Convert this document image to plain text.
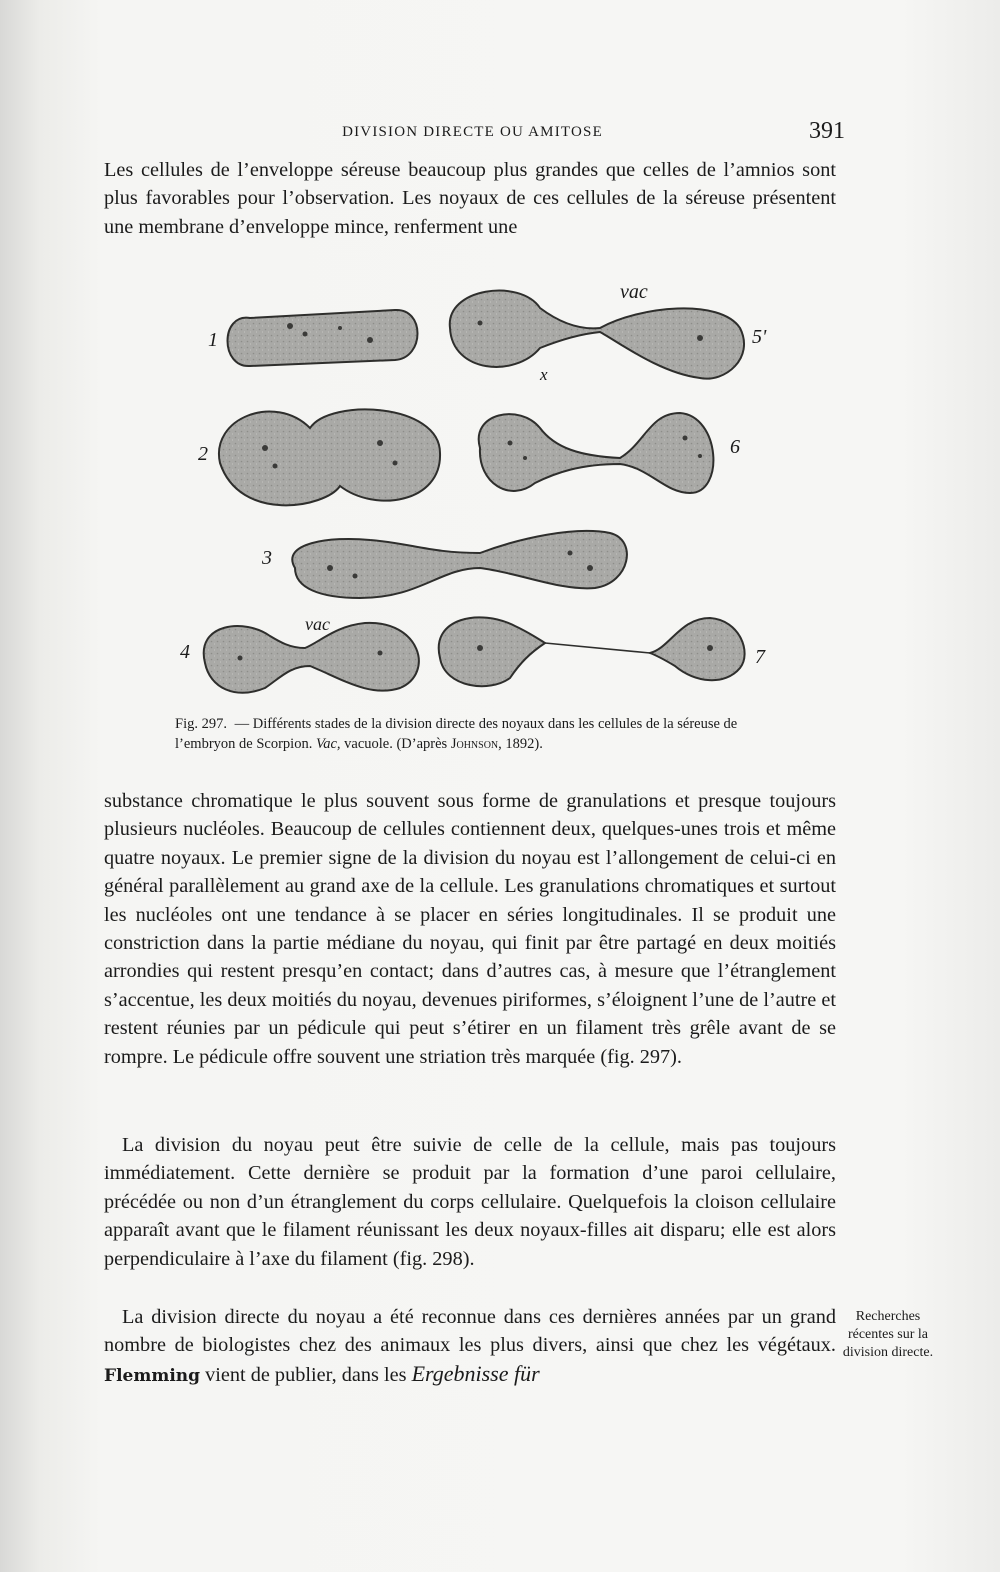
DIVISION DIRECTE OU AMITOSE	391

Les cellules de l’enveloppe séreuse beaucoup plus grandes que celles de l’amnios sont plus favorables pour l’observation. Les noyaux de ces cellules de la séreuse présentent une membrane d’enveloppe mince, renferment une

1
2
3
4
5'
6
7
vac
x
vac
Fig. 297. — Différents stades de la division directe des noyaux dans les cellules de la séreuse de l’embryon de Scorpion. Vac, vacuole. (D’après Johnson, 1892).

substance chromatique le plus souvent sous forme de granulations et presque toujours plusieurs nucléoles. Beaucoup de cellules contiennent deux, quelques-unes trois et même quatre noyaux. Le premier signe de la division du noyau est l’allongement de celui-ci en général parallèlement au grand axe de la cellule. Les granulations chromatiques et surtout les nucléoles ont une tendance à se placer en séries longitudinales. Il se produit une constriction dans la partie médiane du noyau, qui finit par être partagé en deux moitiés arrondies qui restent presqu’en contact; dans d’autres cas, à mesure que l’étranglement s’accentue, les deux moitiés du noyau, devenues piriformes, s’éloignent l’une de l’autre et restent réunies par un pédicule qui peut s’étirer en un filament très grêle avant de se rompre. Le pédicule offre souvent une striation très marquée (fig. 297).

La division du noyau peut être suivie de celle de la cellule, mais pas toujours immédiatement. Cette dernière se produit par la formation d’une paroi cellulaire, précédée ou non d’un étranglement du corps cellulaire. Quelquefois la cloison cellulaire apparaît avant que le filament réunissant les deux noyaux-filles ait disparu; elle est alors perpendiculaire à l’axe du filament (fig. 298).

La division directe du noyau a été reconnue dans ces dernières années par un grand nombre de biologistes chez des animaux les plus divers, ainsi que chez les végétaux. Flemming vient de publier, dans les Ergebnisse für

Recherches récentes sur la division directe.
